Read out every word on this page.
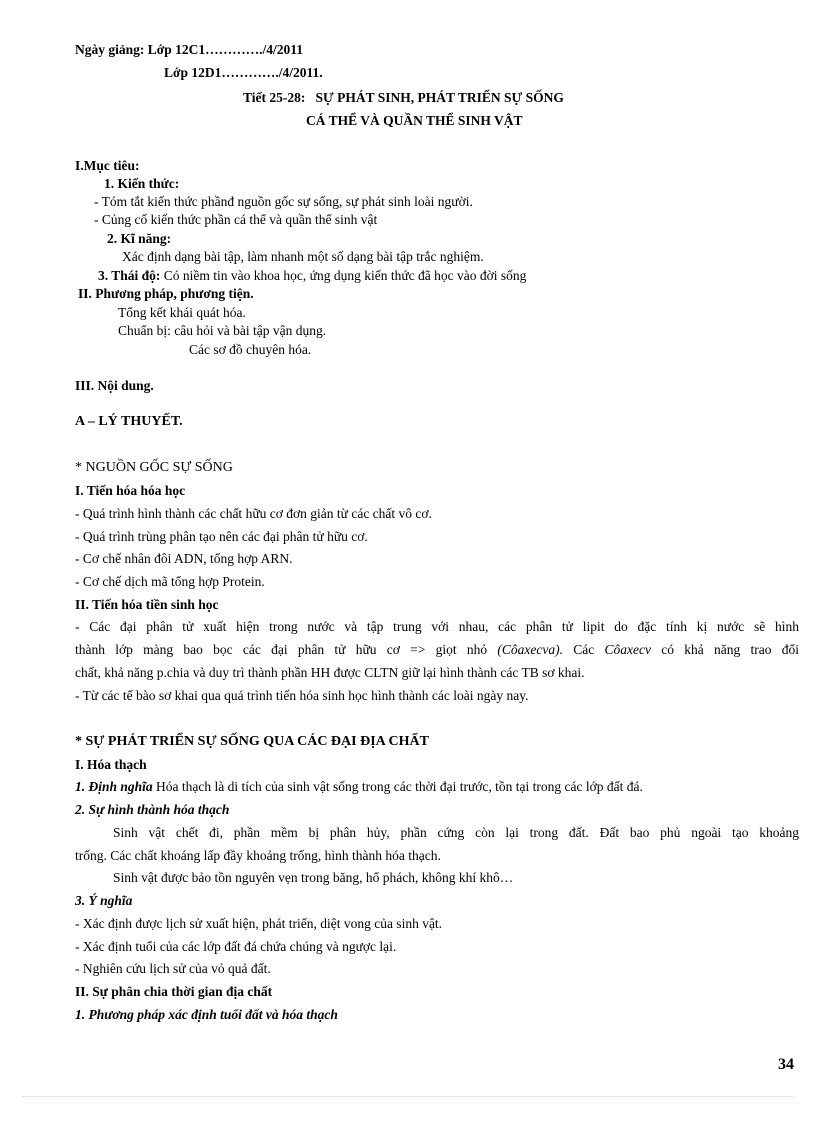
Ngày giảng: Lớp 12C1…………./4/2011
Lớp 12D1…………./4/2011.
Tiết 25-28: SỰ PHÁT SINH, PHÁT TRIỂN SỰ SỐNG
CÁ THỂ VÀ QUẦN THỂ SINH VẬT
I.Mục tiêu:
1. Kiến thức:
- Tóm tắt kiến thức phầnđ nguồn gốc sự sống, sự phát sinh loài người.
- Củng cố kiến thức phần cá thể và quần thể sinh vật
2. Kĩ năng:
Xác định dạng bài tập, làm nhanh một số dạng bài tập trắc nghiệm.
3. Thái độ: Có niềm tin vào khoa học, ứng dụng kiến thức đã học vào đời sống
II. Phương pháp, phương tiện.
Tổng kết khái quát hóa.
Chuẩn bị: câu hỏi và bài tập vận dụng.
Các sơ đồ chuyên hóa.
III. Nội dung.
A – LÝ THUYẾT.
* NGUỒN GỐC SỰ SỐNG
I. Tiến hóa hóa học
- Quá trình hình thành các chất hữu cơ đơn giản từ các chất vô cơ.
- Quá trình trùng phân tạo nên các đại phân tử hữu cơ.
- Cơ chế nhân đôi ADN, tổng hợp ARN.
- Cơ chế dịch mã tổng hợp Protein.
II. Tiến hóa tiền sinh học
- Các đại phân tử xuất hiện trong nước và tập trung với nhau, các phân tử lipit do đặc tính kị nước sẽ hình
thành lớp màng bao bọc các đại phân tử hữu cơ => giọt nhỏ (Côaxecva). Các Côaxecv có khả năng trao đổi
chất, khả năng p.chia và duy trì thành phần HH được CLTN giữ lại hình thành các TB sơ khai.
- Từ các tế bào sơ khai qua quá trình tiến hóa sinh học hình thành các loài ngày nay.
* SỰ PHÁT TRIỂN SỰ SỐNG QUA CÁC ĐẠI ĐỊA CHẤT
I. Hóa thạch
1. Định nghĩa Hóa thạch là di tích của sinh vật sống trong các thời đại trước, tồn tại trong các lớp đất đá.
2. Sự hình thành hóa thạch
Sinh vật chết đi, phần mềm bị phân hủy, phần cứng còn lại trong đất. Đất bao phủ ngoài tạo khoảng
trống. Các chất khoáng lấp đầy khoảng trống, hình thành hóa thạch.
Sinh vật được bảo tồn nguyên vẹn trong băng, hổ phách, không khí khô…
3. Ý nghĩa
- Xác định được lịch sử xuất hiện, phát triển, diệt vong của sinh vật.
- Xác định tuổi của các lớp đất đá chứa chúng và ngược lại.
- Nghiên cứu lịch sử của vỏ quả đất.
II. Sự phân chia thời gian địa chất
1. Phương pháp xác định tuổi đất và hóa thạch
34
